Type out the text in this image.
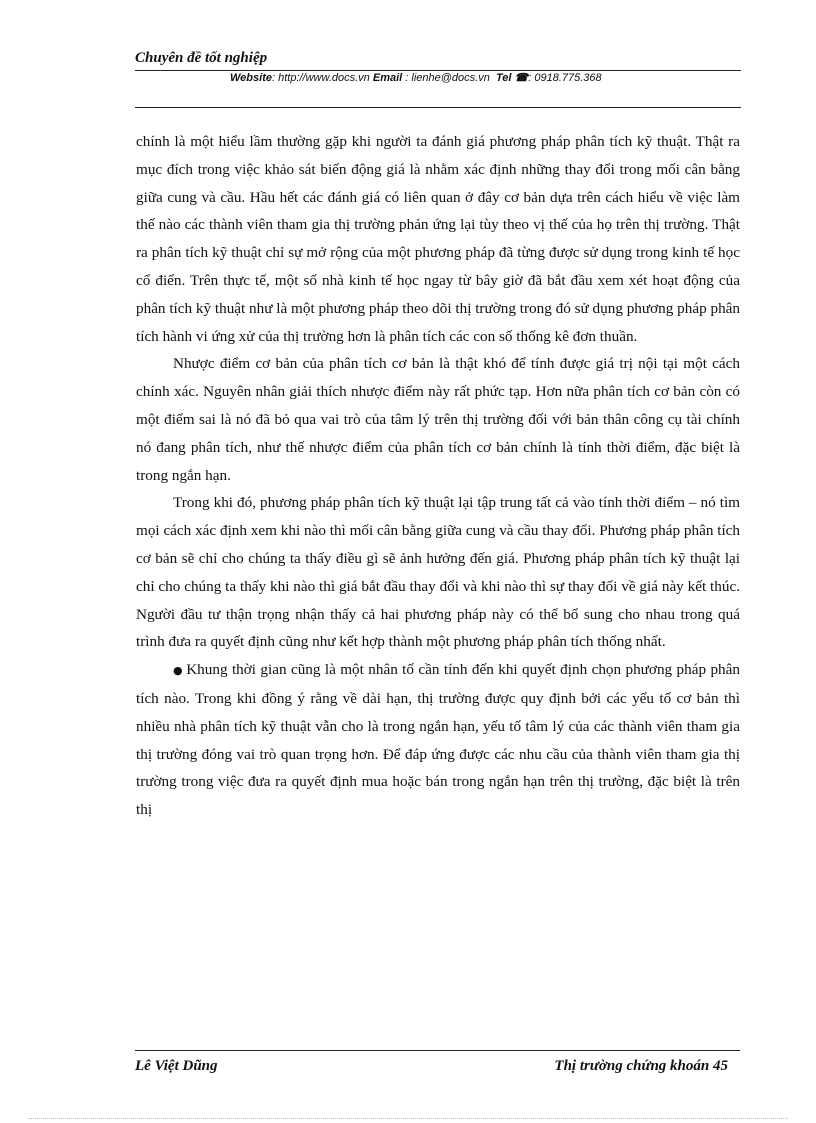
Chuyên đề tốt nghiệp
Website: http://www.docs.vn Email : lienhe@docs.vn Tel ☎: 0918.775.368

chính là một hiểu lầm thường gặp khi người ta đánh giá phương pháp phân tích kỹ thuật. Thật ra mục đích trong việc khảo sát biến động giá là nhằm xác định những thay đổi trong mối cân bằng giữa cung và cầu. Hầu hết các đánh giá có liên quan ở đây cơ bản dựa trên cách hiểu về việc làm thế nào các thành viên tham gia thị trường phản ứng lại tùy theo vị thế của họ trên thị trường. Thật ra phân tích kỹ thuật chỉ sự mở rộng của một phương pháp đã từng được sử dụng trong kinh tế học cổ điển. Trên thực tế, một số nhà kinh tế học ngay từ bây giờ đã bắt đầu xem xét hoạt động của phân tích kỹ thuật như là một phương pháp theo dõi thị trường trong đó sử dụng phương pháp phân tích hành vi ứng xử của thị trường hơn là phân tích các con số thống kê đơn thuần.

Nhược điểm cơ bản của phân tích cơ bản là thật khó để tính được giá trị nội tại một cách chính xác. Nguyên nhân giải thích nhược điểm này rất phức tạp. Hơn nữa phân tích cơ bản còn có một điểm sai là nó đã bỏ qua vai trò của tâm lý trên thị trường đối với bản thân công cụ tài chính nó đang phân tích, như thế nhược điểm của phân tích cơ bản chính là tính thời điểm, đặc biệt là trong ngắn hạn.

Trong khi đó, phương pháp phân tích kỹ thuật lại tập trung tất cả vào tính thời điểm – nó tìm mọi cách xác định xem khi nào thì mối cân bằng giữa cung và cầu thay đổi. Phương pháp phân tích cơ bản sẽ chỉ cho chúng ta thấy điều gì sẽ ảnh hưởng đến giá. Phương pháp phân tích kỹ thuật lại chỉ cho chúng ta thấy khi nào thì giá bắt đầu thay đổi và khi nào thì sự thay đổi về giá này kết thúc. Người đầu tư thận trọng nhận thấy cả hai phương pháp này có thể bổ sung cho nhau trong quá trình đưa ra quyết định cũng như kết hợp thành một phương pháp phân tích thống nhất.

● Khung thời gian cũng là một nhân tố cần tính đến khi quyết định chọn phương pháp phân tích nào. Trong khi đồng ý rằng về dài hạn, thị trường được quy định bởi các yếu tố cơ bản thì nhiều nhà phân tích kỹ thuật vẫn cho là trong ngắn hạn, yếu tố tâm lý của các thành viên tham gia thị trường đóng vai trò quan trọng hơn. Để đáp ứng được các nhu cầu của thành viên tham gia thị trường trong việc đưa ra quyết định mua hoặc bán trong ngắn hạn trên thị trường, đặc biệt là trên thị

Lê Việt Dũng	Thị trường chứng khoán 45
